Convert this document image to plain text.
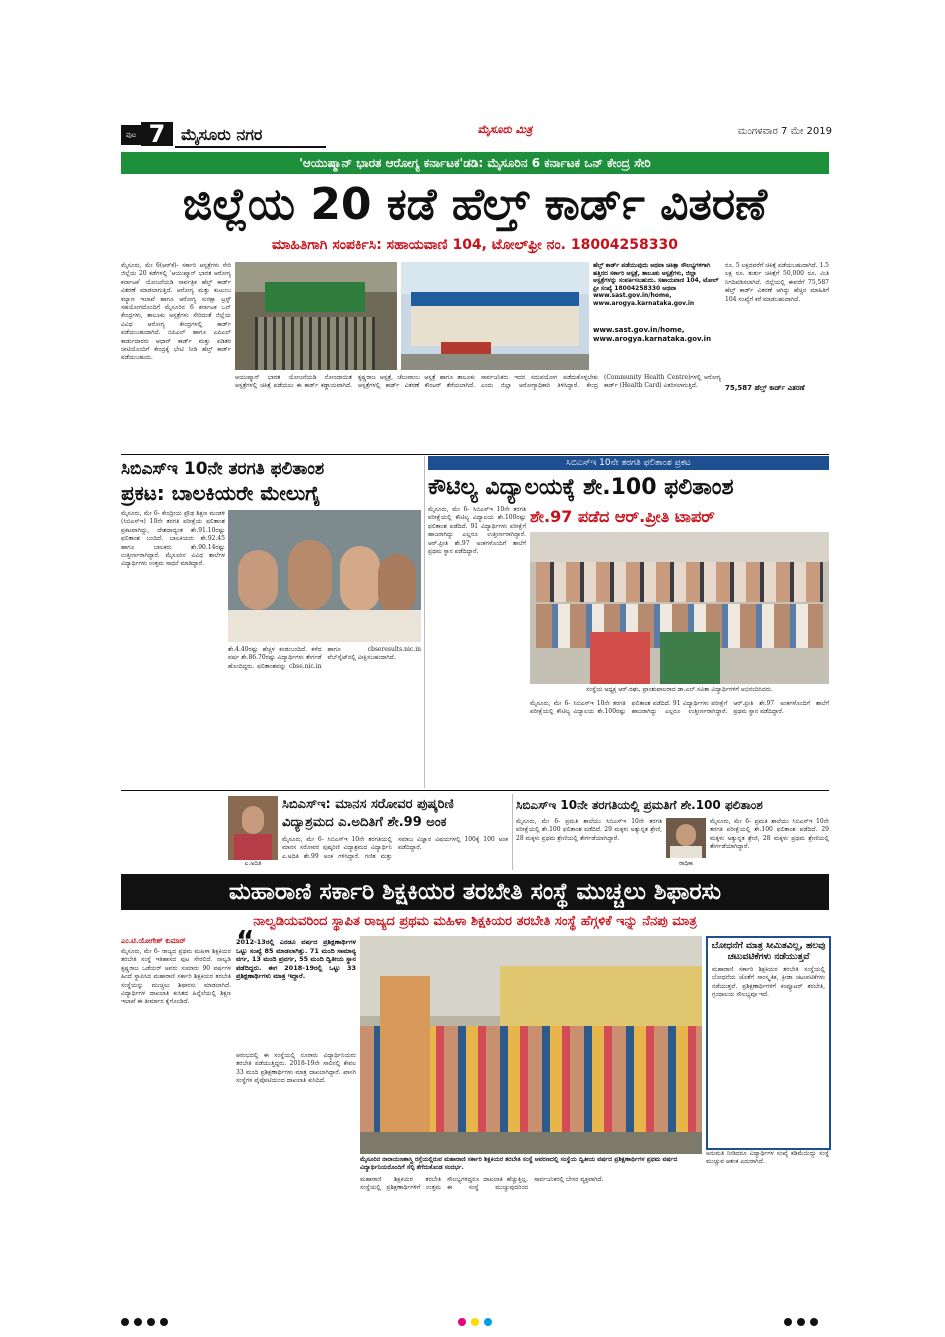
ಪುಟ 7 ಮೈಸೂರು ನಗರ	ಮೈಸೂರು ಮಿತ್ರ	ಮಂಗಳವಾರ 7 ಮೇ 2019
'ಆಯುಷ್ಮಾನ್ ಭಾರತ ಆರೋಗ್ಯ ಕರ್ನಾಟಕ'ಡಡಿ: ಮೈಸೂರಿನ 6 ಕರ್ನಾಟಕ ಒನ್ ಕೇಂದ್ರ ಸೇರಿ
ಜಿಲ್ಲೆಯ 20 ಕಡೆ ಹೆಲ್ತ್ ಕಾರ್ಡ್ ವಿತರಣೆ
ಮಾಹಿತಿಗಾಗಿ ಸಂಪರ್ಕಿಸಿ: ಸಹಾಯವಾಣಿ 104, ಟೋಲ್‌ಫ್ರೀ ನಂ. 18004258330
ಮೈಸೂರು, ಮೇ 6(ಆರ್‌ಕೆ)- ಸರ್ಕಾರಿ ಆಸ್ಪತ್ರೆಗಳು ಸೇರಿ ಜಿಲ್ಲೆಯ 20 ಕಡೆಗಳಲ್ಲಿ 'ಆಯುಷ್ಮಾನ್ ಭಾರತ ಆರೋಗ್ಯ ಕರ್ನಾಟಕ' ಯೋಜನೆಯಡಿ ಸಾರ್ವತ್ರಿಕ ಹೆಲ್ತ್ ಕಾರ್ಡ್ ವಿತರಣೆ ಮಾಡಲಾಗುತ್ತಿದೆ. ಆರೋಗ್ಯ ಮತ್ತು ಕುಟುಂಬ ಕಲ್ಯಾಣ ಇಲಾಖೆ ಹಾಗೂ ಆರೋಗ್ಯ ಸುರಕ್ಷಾ ಟ್ರಸ್ಟ್ ಸಹಯೋಗದೊಂದಿಗೆ ಮೈಸೂರಿನ 6 ಕರ್ನಾಟಕ ಒನ್ ಕೇಂದ್ರಗಳು, ತಾಲೂಕು ಆಸ್ಪತ್ರೆಗಳು ಸೇರಿದಂತೆ ಜಿಲ್ಲೆಯ ವಿವಿಧ ಆರೋಗ್ಯ ಕೇಂದ್ರಗಳಲ್ಲಿ ಕಾರ್ಡ್ ಪಡೆಯಬಹುದಾಗಿದೆ. ಬಿಪಿಎಲ್ ಹಾಗೂ ಎಪಿಎಲ್ ಕಾರ್ಡುದಾರರು ಆಧಾರ್ ಕಾರ್ಡ್ ಮತ್ತು ಪಡಿತರ ಚೀಟಿಯೊಂದಿಗೆ ಕೇಂದ್ರಕ್ಕೆ ಭೇಟಿ ನೀಡಿ ಹೆಲ್ತ್ ಕಾರ್ಡ್ ಪಡೆಯಬಹುದು.
ಹೆಲ್ತ್ ಕಾರ್ಡ್ ಪಡೆಯುವುದು ಅಥವಾ ಚಿಕಿತ್ಸಾ ಸೌಲಭ್ಯಗಳಿಗಾಗಿ ಹತ್ತಿರದ ಸರ್ಕಾರಿ ಆಸ್ಪತ್ರೆ, ತಾಲೂಕು ಆಸ್ಪತ್ರೆಗಳು, ಜಿಲ್ಲಾ ಆಸ್ಪತ್ರೆಗಳನ್ನು ಸಂಪರ್ಕಿಸಬಹುದು. ಸಹಾಯವಾಣಿ 104, ಟೋಲ್ ಫ್ರೀ ಸಂಖ್ಯೆ 18004258330 ಅಥವಾ www.sast.gov.in/home, www.arogya.karnataka.gov.in
www.sast.gov.in/home,
www.arogya.karnataka.gov.in
ಆಯುಷ್ಮಾನ್ ಭಾರತ ಯೋಜನೆಯಡಿ ನೋಂದಾಯಿತ ಆಸ್ಪತ್ರೆಗಳಲ್ಲಿ ಚಿಕಿತ್ಸೆ ಪಡೆಯಲು ಈ ಕಾರ್ಡ್ ಕಡ್ಡಾಯವಾಗಿದೆ. ಕೃಷ್ಣರಾಜ ಆಸ್ಪತ್ರೆ, ಚೆಲುವಾಂಬ ಆಸ್ಪತ್ರೆ ಹಾಗೂ ತಾಲೂಕು ಆಸ್ಪತ್ರೆಗಳಲ್ಲಿ ಕಾರ್ಡ್ ವಿತರಣೆ ಕೌಂಟರ್ ತೆರೆಯಲಾಗಿದೆ. ಸಾರ್ವಜನಿಕರು ಇದರ ಸದುಪಯೋಗ ಪಡೆದುಕೊಳ್ಳಬೇಕು ಎಂದು ಜಿಲ್ಲಾ ಆರೋಗ್ಯಾಧಿಕಾರಿ ತಿಳಿಸಿದ್ದಾರೆ. ಕೇಂದ್ರ (Community Health Centre)ಗಳಲ್ಲಿ ಆರೋಗ್ಯ ಕಾರ್ಡ್ (Health Card) ವಿತರಿಸಲಾಗುತ್ತಿದೆ.
ರೂ. 5 ಲಕ್ಷದವರೆಗೆ ಚಿಕಿತ್ಸೆ ಪಡೆಯಬಹುದಾಗಿದೆ. 1.5 ಲಕ್ಷ ರೂ. ತುರ್ತು ಚಿಕಿತ್ಸೆಗೆ 50,000 ರೂ. ಮಿತಿ ನಿಗದಿಪಡಿಸಲಾಗಿದೆ. ಜಿಲ್ಲೆಯಲ್ಲಿ ಈವರೆಗೆ 75,587 ಹೆಲ್ತ್ ಕಾರ್ಡ್ ವಿತರಣೆ ಆಗಿದ್ದು ಹೆಚ್ಚಿನ ಮಾಹಿತಿಗೆ 104 ಸಂಖ್ಯೆಗೆ ಕರೆ ಮಾಡಬಹುದಾಗಿದೆ.
75,587 ಹೆಲ್ತ್ ಕಾರ್ಡ್ ವಿತರಣೆ
ಸಿಬಿಎಸ್‌ಇ 10ನೇ ತರಗತಿ ಫಲಿತಾಂಶ
ಪ್ರಕಟ: ಬಾಲಕಿಯರೇ ಮೇಲುಗೈ
ಮೈಸೂರು, ಮೇ 6- ಕೇಂದ್ರೀಯ ಪ್ರೌಢ ಶಿಕ್ಷಣ ಮಂಡಳಿ (ಸಿಬಿಎಸ್‌ಇ) 10ನೇ ತರಗತಿ ಪರೀಕ್ಷೆಯ ಫಲಿತಾಂಶ ಪ್ರಕಟವಾಗಿದ್ದು, ದೇಶದಾದ್ಯಂತ ಶೇ.91.10ರಷ್ಟು ಫಲಿತಾಂಶ ಬಂದಿದೆ. ಬಾಲಕಿಯರು ಶೇ.92.45 ಹಾಗೂ ಬಾಲಕರು ಶೇ.90.14ರಷ್ಟು ಉತ್ತೀರ್ಣರಾಗಿದ್ದಾರೆ. ಮೈಸೂರಿನ ವಿವಿಧ ಶಾಲೆಗಳ ವಿದ್ಯಾರ್ಥಿಗಳು ಉತ್ತಮ ಸಾಧನೆ ಮಾಡಿದ್ದಾರೆ.
ಶೇ.4.40ರಷ್ಟು ಹೆಚ್ಚಳ ಕಂಡುಬಂದಿದೆ. ಕಳೆದ ವರ್ಷ ಶೇ.86.70ರಷ್ಟು ವಿದ್ಯಾರ್ಥಿಗಳು ತೇರ್ಗಡೆ ಹೊಂದಿದ್ದರು. ಫಲಿತಾಂಶವನ್ನು cbse.nic.in ಹಾಗೂ cbseresults.nic.in ವೆಬ್‌ಸೈಟ್‌ನಲ್ಲಿ ವೀಕ್ಷಿಸಬಹುದಾಗಿದೆ.
ಸಿಬಿಎಸ್‌ಇ 10ನೇ ತರಗತಿ ಫಲಿತಾಂಶ ಪ್ರಕಟ
ಕೌಟಿಲ್ಯ ವಿದ್ಯಾಲಯಕ್ಕೆ ಶೇ.100 ಫಲಿತಾಂಶ
ಶೇ.97 ಪಡೆದ ಆರ್.ಪ್ರೀತಿ ಟಾಪರ್
ಮೈಸೂರು, ಮೇ 6- ಸಿಬಿಎಸ್‌ಇ 10ನೇ ತರಗತಿ ಪರೀಕ್ಷೆಯಲ್ಲಿ ಕೌಟಿಲ್ಯ ವಿದ್ಯಾಲಯ ಶೇ.100ರಷ್ಟು ಫಲಿತಾಂಶ ಪಡೆದಿದೆ. 91 ವಿದ್ಯಾರ್ಥಿಗಳು ಪರೀಕ್ಷೆಗೆ ಹಾಜರಾಗಿದ್ದು ಎಲ್ಲರೂ ಉತ್ತೀರ್ಣರಾಗಿದ್ದಾರೆ. ಆರ್.ಪ್ರೀತಿ ಶೇ.97 ಅಂಕಗಳೊಂದಿಗೆ ಶಾಲೆಗೆ ಪ್ರಥಮ ಸ್ಥಾನ ಪಡೆದಿದ್ದಾರೆ.
ಸಂಸ್ಥೆಯ ಅಧ್ಯಕ್ಷ ಆರ್.ರಘು, ಪ್ರಾಂಶುಪಾಲರಾದ ಡಾ.ಎಲ್.ಸವಿತಾ ವಿದ್ಯಾರ್ಥಿಗಳಿಗೆ ಅಭಿನಂದಿಸಿದರು.
ಮೈಸೂರು, ಮೇ 6- ಸಿಬಿಎಸ್‌ಇ 10ನೇ ತರಗತಿ ಪರೀಕ್ಷೆಯಲ್ಲಿ ಕೌಟಿಲ್ಯ ವಿದ್ಯಾಲಯ ಶೇ.100ರಷ್ಟು ಫಲಿತಾಂಶ ಪಡೆದಿದೆ. 91 ವಿದ್ಯಾರ್ಥಿಗಳು ಪರೀಕ್ಷೆಗೆ ಹಾಜರಾಗಿದ್ದು ಎಲ್ಲರೂ ಉತ್ತೀರ್ಣರಾಗಿದ್ದಾರೆ. ಆರ್.ಪ್ರೀತಿ ಶೇ.97 ಅಂಕಗಳೊಂದಿಗೆ ಶಾಲೆಗೆ ಪ್ರಥಮ ಸ್ಥಾನ ಪಡೆದಿದ್ದಾರೆ.
ಎ.ಅದಿತಿ
ಸಿಬಿಎಸ್‌ಇ: ಮಾನಸ ಸರೋವರ ಪುಷ್ಕರಿಣಿ
ವಿದ್ಯಾಶ್ರಮದ ಎ.ಅದಿತಿಗೆ ಶೇ.99 ಅಂಕ
ಮೈಸೂರು, ಮೇ 6- ಸಿಬಿಎಸ್‌ಇ 10ನೇ ತರಗತಿಯಲ್ಲಿ ಮಾನಸ ಸರೋವರ ಪುಷ್ಕರಿಣಿ ವಿದ್ಯಾಶ್ರಮದ ವಿದ್ಯಾರ್ಥಿನಿ ಎ.ಅದಿತಿ ಶೇ.99 ಅಂಕ ಗಳಿಸಿದ್ದಾರೆ. ಗಣಿತ ಮತ್ತು ಸಮಾಜ ವಿಜ್ಞಾನ ವಿಷಯಗಳಲ್ಲಿ 100ಕ್ಕೆ 100 ಅಂಕ ಪಡೆದಿದ್ದಾರೆ.
ಸಿಬಿಎಸ್‌ಇ 10ನೇ ತರಗತಿಯಲ್ಲಿ ಪ್ರಮತಿಗೆ ಶೇ.100 ಫಲಿತಾಂಶ
ಮೈಸೂರು, ಮೇ 6- ಪ್ರಮತಿ ಶಾಲೆಯು ಸಿಬಿಎಸ್‌ಇ 10ನೇ ತರಗತಿ ಪರೀಕ್ಷೆಯಲ್ಲಿ ಶೇ.100 ಫಲಿತಾಂಶ ಪಡೆದಿದೆ. 29 ಮಕ್ಕಳು ಅತ್ಯುನ್ನತ ಶ್ರೇಣಿ, 28 ಮಕ್ಕಳು ಪ್ರಥಮ ಶ್ರೇಣಿಯಲ್ಲಿ ತೇರ್ಗಡೆಯಾಗಿದ್ದಾರೆ.
ರಾಧಿಕಾ
ಮೈಸೂರು, ಮೇ 6- ಪ್ರಮತಿ ಶಾಲೆಯು ಸಿಬಿಎಸ್‌ಇ 10ನೇ ತರಗತಿ ಪರೀಕ್ಷೆಯಲ್ಲಿ ಶೇ.100 ಫಲಿತಾಂಶ ಪಡೆದಿದೆ. 29 ಮಕ್ಕಳು ಅತ್ಯುನ್ನತ ಶ್ರೇಣಿ, 28 ಮಕ್ಕಳು ಪ್ರಥಮ ಶ್ರೇಣಿಯಲ್ಲಿ ತೇರ್ಗಡೆಯಾಗಿದ್ದಾರೆ.
ಮಹಾರಾಣಿ ಸರ್ಕಾರಿ ಶಿಕ್ಷಕಿಯರ ತರಬೇತಿ ಸಂಸ್ಥೆ ಮುಚ್ಚಲು ಶಿಫಾರಸು
ನಾಲ್ವಡಿಯವರಿಂದ ಸ್ಥಾಪಿತ ರಾಜ್ಯದ ಪ್ರಥಮ ಮಹಿಳಾ ಶಿಕ್ಷಕಿಯರ ತರಬೇತಿ ಸಂಸ್ಥೆ ಹೆಗ್ಗಳಿಕೆ ಇನ್ನು ನೆನಪು ಮಾತ್ರ
ಎಂ.ಟಿ.ಯೋಗೇಶ್ ಕುಮಾರ್
ಮೈಸೂರು, ಮೇ 6- ರಾಜ್ಯದ ಪ್ರಥಮ ಮಹಿಳಾ ಶಿಕ್ಷಕಿಯರ ತರಬೇತಿ ಸಂಸ್ಥೆ ಇತಿಹಾಸದ ಪುಟ ಸೇರಲಿದೆ. ನಾಲ್ವಡಿ ಕೃಷ್ಣರಾಜ ಒಡೆಯರ್ ಅವರು ಸುಮಾರು 90 ವರ್ಷಗಳ ಹಿಂದೆ ಸ್ಥಾಪಿಸಿದ ಮಹಾರಾಣಿ ಸರ್ಕಾರಿ ಶಿಕ್ಷಕಿಯರ ತರಬೇತಿ ಸಂಸ್ಥೆಯನ್ನು ಮುಚ್ಚಲು ಶಿಫಾರಸು ಮಾಡಲಾಗಿದೆ. ವಿದ್ಯಾರ್ಥಿಗಳ ದಾಖಲಾತಿ ಕುಸಿತದ ಹಿನ್ನೆಲೆಯಲ್ಲಿ ಶಿಕ್ಷಣ ಇಲಾಖೆ ಈ ತೀರ್ಮಾನ ಕೈಗೊಂಡಿದೆ.
“
2012-13ರಲ್ಲಿ ಎರಡೂ ವರ್ಷದ ಪ್ರಶಿಕ್ಷಣಾರ್ಥಿಗಳ ಒಟ್ಟು ಸಂಖ್ಯೆ 85 ಮಾಡಲಾಗಿತ್ತು. 71 ಮಂದಿ ಸಾಮಾನ್ಯ ವರ್ಗ, 13 ಮಂದಿ ಪ್ರವರ್ಗ, 55 ಮಂದಿ ದ್ವಿತೀಯ ಸ್ಥಾನ ಪಡೆದಿದ್ದರು. ಈಗ 2018-19ರಲ್ಲಿ ಒಟ್ಟು 33 ಪ್ರಶಿಕ್ಷಣಾರ್ಥಿಗಳು ಮಾತ್ರ ಇದ್ದಾರೆ.
ಆರಂಭದಲ್ಲಿ ಈ ಸಂಸ್ಥೆಯಲ್ಲಿ ನೂರಾರು ವಿದ್ಯಾರ್ಥಿನಿಯರು ತರಬೇತಿ ಪಡೆಯುತ್ತಿದ್ದರು. 2018-19ನೇ ಸಾಲಿನಲ್ಲಿ ಕೇವಲ 33 ಮಂದಿ ಪ್ರಶಿಕ್ಷಣಾರ್ಥಿಗಳು ಮಾತ್ರ ದಾಖಲಾಗಿದ್ದಾರೆ. ಖಾಸಗಿ ಸಂಸ್ಥೆಗಳ ಪೈಪೋಟಿಯಿಂದ ದಾಖಲಾತಿ ಕುಸಿದಿದೆ.
ಮೈಸೂರಿನ ನಾರಾಯಣಶಾಸ್ತ್ರಿ ರಸ್ತೆಯಲ್ಲಿರುವ ಮಹಾರಾಣಿ ಸರ್ಕಾರಿ ಶಿಕ್ಷಕಿಯರ ತರಬೇತಿ ಸಂಸ್ಥೆ ಆವರಣದಲ್ಲಿ ಸಂಸ್ಥೆಯ ದ್ವಿತೀಯ ವರ್ಷದ ಪ್ರಶಿಕ್ಷಣಾರ್ಥಿಗಳ ಪ್ರಥಮ ವರ್ಷದ ವಿದ್ಯಾರ್ಥಿನಿಯರೊಂದಿಗೆ ಸೆಲ್ಫಿ ತೆಗೆದುಕೊಂಡ ಸಂದರ್ಭ.
ಮಹಾರಾಣಿ ಶಿಕ್ಷಕಿಯರ ತರಬೇತಿ ಸಂಸ್ಥೆಯಲ್ಲಿ ಪ್ರಶಿಕ್ಷಣಾರ್ಥಿಗಳಿಗೆ ಉತ್ತಮ ಸೌಲಭ್ಯಗಳಿದ್ದರೂ ದಾಖಲಾತಿ ಹೆಚ್ಚುತ್ತಿಲ್ಲ. ಈ ಸಂಸ್ಥೆ ಮುಚ್ಚುವುದರಿಂದ ಸಾರ್ವಜನಿಕರಲ್ಲಿ ಬೇಸರ ವ್ಯಕ್ತವಾಗಿದೆ.
ಬೋಧನೆಗೆ ಮಾತ್ರ ಸೀಮಿತವಿಲ್ಲ, ಹಲವು ಚಟುವಟಿಕೆಗಳು ನಡೆಯುತ್ತವೆ
ಮಹಾರಾಣಿ ಸರ್ಕಾರಿ ಶಿಕ್ಷಕಿಯರ ತರಬೇತಿ ಸಂಸ್ಥೆಯಲ್ಲಿ ಬೋಧನೆಯ ಜೊತೆಗೆ ಸಾಂಸ್ಕೃತಿಕ, ಕ್ರೀಡಾ ಚಟುವಟಿಕೆಗಳು ನಡೆಯುತ್ತವೆ. ಪ್ರಶಿಕ್ಷಣಾರ್ಥಿಗಳಿಗೆ ಕಂಪ್ಯೂಟರ್ ತರಬೇತಿ, ಗ್ರಂಥಾಲಯ ಸೌಲಭ್ಯವೂ ಇದೆ.
ಅನುಮತಿ ನೀಡಿದರೂ ವಿದ್ಯಾರ್ಥಿಗಳ ಸಂಖ್ಯೆ ಕಡಿಮೆಯಿದ್ದು ಸಂಸ್ಥೆ ಮುಚ್ಚುವ ಆತಂಕ ಎದುರಾಗಿದೆ.
